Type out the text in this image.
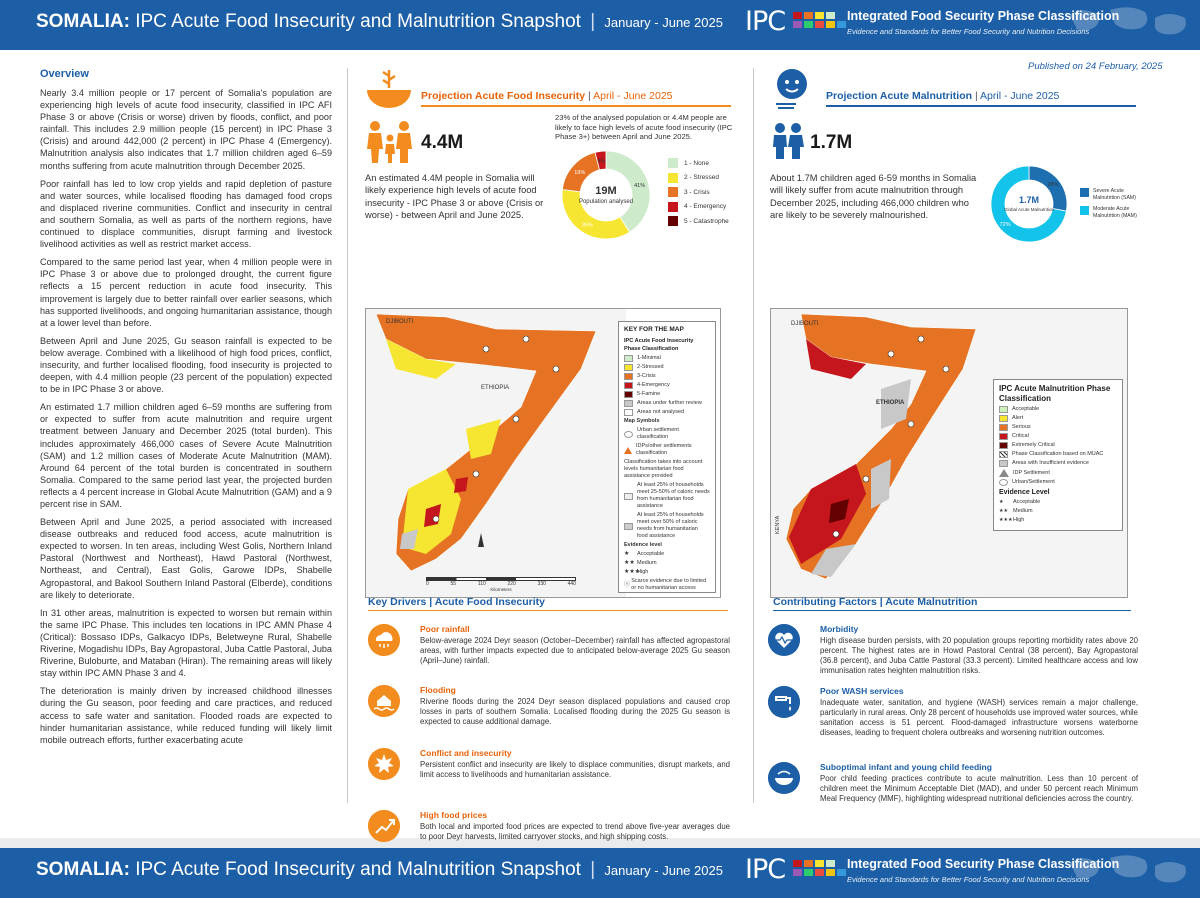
SOMALIA: IPC Acute Food Insecurity and Malnutrition Snapshot | January - June 2025 IPC	Integrated Food Security Phase Classification
Evidence and Standards for Better Food Security and Nutrition Decisions
Overview

Nearly 3.4 million people or 17 percent of Somalia's population are experiencing high levels of acute food insecurity, classified in IPC AFI Phase 3 or above (Crisis or worse) driven by floods, conflict, and poor rainfall. This includes 2.9 million people (15 percent) in IPC Phase 3 (Crisis) and around 442,000 (2 percent) in IPC Phase 4 (Emergency). Malnutrition analysis also indicates that 1.7 million children aged 6–59 months suffering from acute malnutrition through December 2025.

Poor rainfall has led to low crop yields and rapid depletion of pasture and water sources, while localised flooding has damaged food crops and displaced riverine communities. Conflict and insecurity in central and southern Somalia, as well as parts of the northern regions, have continued to displace communities, disrupt farming and livestock livelihood activities as well as restrict market access.

Compared to the same period last year, when 4 million people were in IPC Phase 3 or above due to prolonged drought, the current figure reflects a 15 percent reduction in acute food insecurity. This improvement is largely due to better rainfall over earlier seasons, which has supported livelihoods, and ongoing humanitarian assistance, though at a lower level than before.

Between April and June 2025, Gu season rainfall is expected to be below average. Combined with a likelihood of high food prices, conflict, insecurity, and further localised flooding, food insecurity is projected to deepen, with 4.4 million people (23 percent of the population) expected to be in IPC Phase 3 or above.

An estimated 1.7 million children aged 6–59 months are suffering from or expected to suffer from acute malnutrition and require urgent treatment between January and December 2025 (total burden). This includes approximately 466,000 cases of Severe Acute Malnutrition (SAM) and 1.2 million cases of Moderate Acute Malnutrition (MAM). Around 64 percent of the total burden is concentrated in southern Somalia. Compared to the same period last year, the projected burden reflects a 4 percent increase in Global Acute Malnutrition (GAM) and a 9 percent rise in SAM.

Between April and June 2025, a period associated with increased disease outbreaks and reduced food access, acute malnutrition is expected to worsen. In ten areas, including West Golis, Northern Inland Pastoral (Northwest and Northeast), Hawd Pastoral (Northwest, Northeast, and Central), East Golis, Garowe IDPs, Shabelle Agropastoral, and Bakool Southern Inland Pastoral (Elberde), conditions are likely to deteriorate.

In 31 other areas, malnutrition is expected to worsen but remain within the same IPC Phase. This includes ten locations in IPC AMN Phase 4 (Critical): Bossaso IDPs, Galkacyo IDPs, Beletweyne Rural, Shabelle Riverine, Mogadishu IDPs, Bay Agropastoral, Juba Cattle Pastoral, Juba Riverine, Buloburte, and Mataban (Hiran). The remaining areas will likely stay within IPC AMN Phase 3 and 4.

The deterioration is mainly driven by increased childhood illnesses during the Gu season, poor feeding and care practices, and reduced access to safe water and sanitation. Flooded roads are expected to hinder humanitarian assistance, while reduced funding will likely limit mobile outreach efforts, further exacerbating acute

Published on 24 February, 2025
Projection Acute Food Insecurity | April - June 2025
4.4M
An estimated 4.4M people in Somalia will likely experience high levels of acute food insecurity - IPC Phase 3 or above (Crisis or worse) - between April and June 2025.
23% of the analysed population or 4.4M people are likely to face high levels of acute food insecurity (IPC Phase 3+) between April and June 2025.
41%
36%
19%
4%
19M
Population analysed
1 - None
2 - Stressed
3 - Crisis
4 - Emergency
5 - Catastrophe
DJIBOUTI
ETHIOPIA
0	55	110	220	330	440
Kilometers
KEY FOR THE MAP
IPC Acute Food Insecurity Phase Classification
1-Minimal
2-Stressed
3-Crisis
4-Emergency
5-Famine
Areas under further review
Areas not analysed
Map Symbols
Urban settlement classification
IDPs/other settlements classification
Classification takes into account levels humanitarian food assistance provided
At least 25% of households meet 25-50% of caloric needs from humanitarian food assistance
At least 25% of households meet over 50% of caloric needs from humanitarian food assistance
Evidence level
★	Acceptable
★★ Medium
★★★
High
ⓢ
Scarce evidence due to limited or no humanitarian access
Key Drivers | Acute Food Insecurity
Poor rainfall
Below-average 2024 Deyr season (October–December) rainfall has affected agropastoral areas, with further impacts expected due to anticipated below-average 2025 Gu season (April–June) rainfall.
Flooding
Riverine floods during the 2024 Deyr season displaced populations and caused crop losses in parts of southern Somalia. Localised flooding during the 2025 Gu season is expected to cause additional damage.
Conflict and insecurity
Persistent conflict and insecurity are likely to displace communities, disrupt markets, and limit access to livelihoods and humanitarian assistance.
High food prices
Both local and imported food prices are expected to trend above five-year averages due to poor Deyr harvests, limited carryover stocks, and high shipping costs.
Projection Acute Malnutrition | April - June 2025
1.7M
About 1.7M children aged 6-59 months in Somalia will likely suffer from acute malnutrition through December 2025, including 466,000 children who are likely to be severely malnourished.
28%
72%
1.7M
Global Acute Malnutrition
Severe Acute Malnutrition (SAM)
Moderate Acute Malnutrition (MAM)
DJIBOUTI
ETHIOPIA
KENYA
IPC Acute Malnutrition Phase Classification
Acceptable
Alert
Serious
Critical
Extremely Critical
Phase Classification based on MUAC
Areas with Insufficient evidence
IDP Settlement
Urban/Settlement
Evidence Level
★	Acceptable
★★ Medium
★★★ High
Contributing Factors | Acute Malnutrition
Morbidity
High disease burden persists, with 20 population groups reporting morbidity rates above 20 percent. The highest rates are in Howd Pastoral Central (38 percent), Bay Agropastoral (36.8 percent), and Juba Cattle Pastoral (33.3 percent). Limited healthcare access and low immunisation rates heighten malnutrition risks.
Poor WASH services
Inadequate water, sanitation, and hygiene (WASH) services remain a major challenge, particularly in rural areas. Only 28 percent of households use improved water sources, while sanitation access is 51 percent. Flood-damaged infrastructure worsens waterborne diseases, leading to frequent cholera outbreaks and worsening nutrition outcomes.
Suboptimal infant and young child feeding
Poor child feeding practices contribute to acute malnutrition. Less than 10 percent of children meet the Minimum Acceptable Diet (MAD), and under 50 percent reach Minimum Meal Frequency (MMF), highlighting widespread nutritional deficiencies across the country.
SOMALIA: IPC Acute Food Insecurity and Malnutrition Snapshot | January - June 2025 IPC	Integrated Food Security Phase Classification
Evidence and Standards for Better Food Security and Nutrition Decisions
